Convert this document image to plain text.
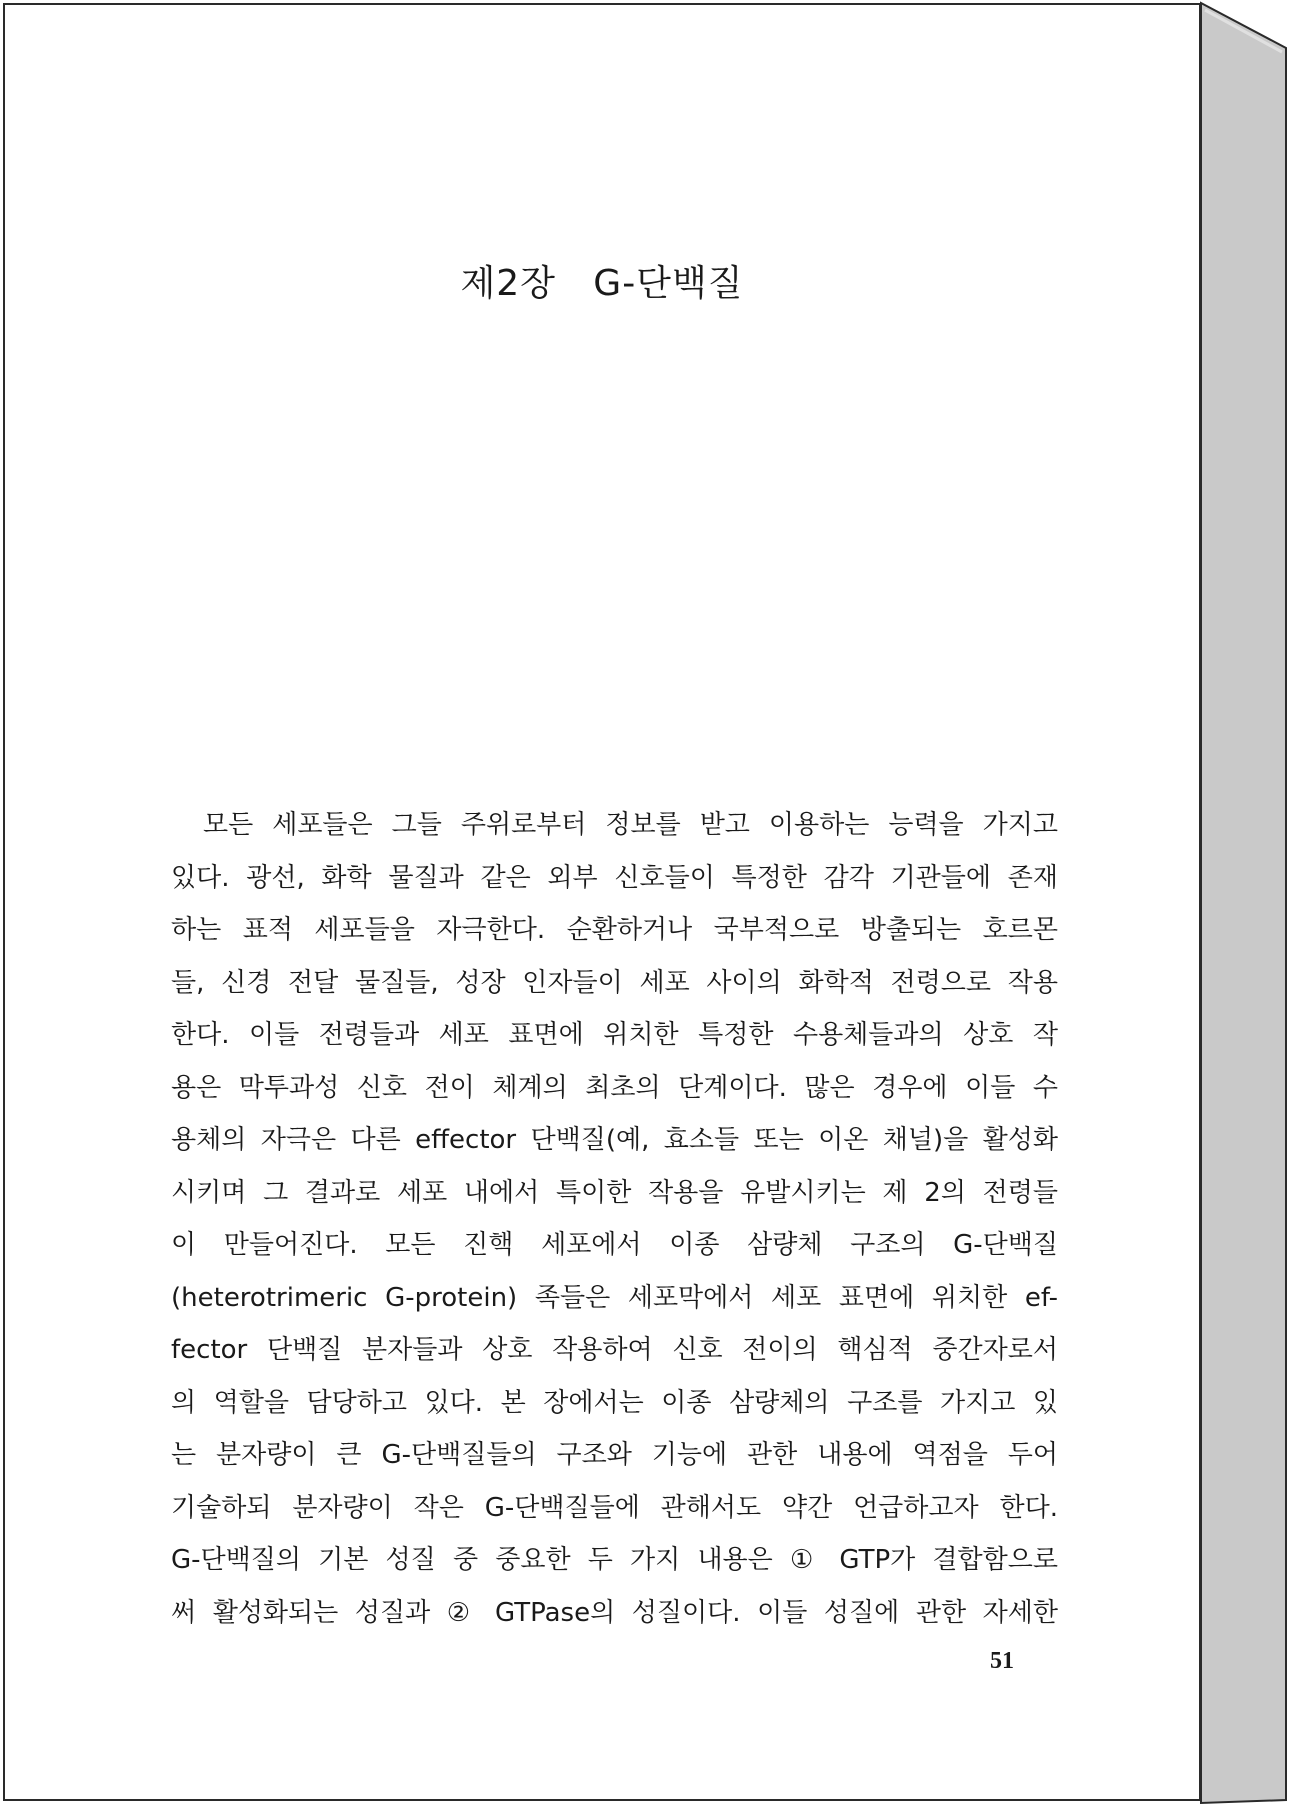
제2장 G-단백질
모든 세포들은 그들 주위로부터 정보를 받고 이용하는 능력을 가지고
있다. 광선, 화학 물질과 같은 외부 신호들이 특정한 감각 기관들에 존재
하는 표적 세포들을 자극한다. 순환하거나 국부적으로 방출되는 호르몬
들, 신경 전달 물질들, 성장 인자들이 세포 사이의 화학적 전령으로 작용
한다. 이들 전령들과 세포 표면에 위치한 특정한 수용체들과의 상호 작
용은 막투과성 신호 전이 체계의 최초의 단계이다. 많은 경우에 이들 수
용체의 자극은 다른 effector 단백질(예, 효소들 또는 이온 채널)을 활성화
시키며 그 결과로 세포 내에서 특이한 작용을 유발시키는 제 2의 전령들
이 만들어진다. 모든 진핵 세포에서 이종 삼량체 구조의 G-단백질
(heterotrimeric G-protein) 족들은 세포막에서 세포 표면에 위치한 ef-
fector 단백질 분자들과 상호 작용하여 신호 전이의 핵심적 중간자로서
의 역할을 담당하고 있다. 본 장에서는 이종 삼량체의 구조를 가지고 있
는 분자량이 큰 G-단백질들의 구조와 기능에 관한 내용에 역점을 두어
기술하되 분자량이 작은 G-단백질들에 관해서도 약간 언급하고자 한다.
G-단백질의 기본 성질 중 중요한 두 가지 내용은 ① GTP가 결합함으로
써 활성화되는 성질과 ② GTPase의 성질이다. 이들 성질에 관한 자세한

51
